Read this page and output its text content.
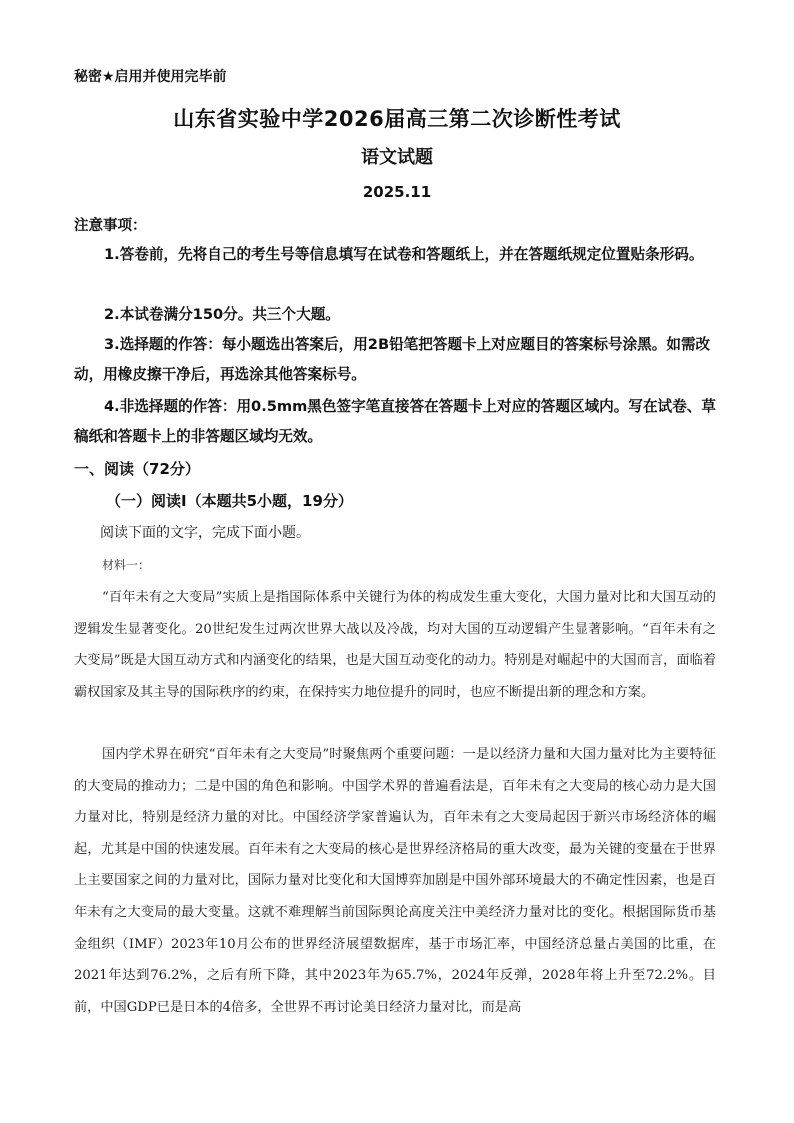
秘密★启用并使用完毕前
山东省实验中学2026届高三第二次诊断性考试
语文试题
2025.11
注意事项：
1.答卷前，先将自己的考生号等信息填写在试卷和答题纸上，并在答题纸规定位置贴条形码。
2.本试卷满分150分。共三个大题。
3.选择题的作答：每小题选出答案后，用2B铅笔把答题卡上对应题目的答案标号涂黑。如需改动，用橡皮擦干净后，再选涂其他答案标号。
4.非选择题的作答：用0.5mm黑色签字笔直接答在答题卡上对应的答题区域内。写在试卷、草稿纸和答题卡上的非答题区域均无效。
一、阅读（72分）
（一）阅读I（本题共5小题，19分）
阅读下面的文字，完成下面小题。
材料一：
“百年未有之大变局”实质上是指国际体系中关键行为体的构成发生重大变化，大国力量对比和大国互动的逻辑发生显著变化。20世纪发生过两次世界大战以及冷战，均对大国的互动逻辑产生显著影响。“百年未有之大变局”既是大国互动方式和内涵变化的结果，也是大国互动变化的动力。特别是对崛起中的大国而言，面临着霸权国家及其主导的国际秩序的约束，在保持实力地位提升的同时，也应不断提出新的理念和方案。
国内学术界在研究“百年未有之大变局”时聚焦两个重要问题：一是以经济力量和大国力量对比为主要特征的大变局的推动力；二是中国的角色和影响。中国学术界的普遍看法是，百年未有之大变局的核心动力是大国力量对比，特别是经济力量的对比。中国经济学家普遍认为，百年未有之大变局起因于新兴市场经济体的崛起，尤其是中国的快速发展。百年未有之大变局的核心是世界经济格局的重大改变，最为关键的变量在于世界上主要国家之间的力量对比，国际力量对比变化和大国博弈加剧是中国外部环境最大的不确定性因素，也是百年未有之大变局的最大变量。这就不难理解当前国际舆论高度关注中美经济力量对比的变化。根据国际货币基金组织（IMF）2023年10月公布的世界经济展望数据库，基于市场汇率，中国经济总量占美国的比重，在2021年达到76.2%，之后有所下降，其中2023年为65.7%，2024年反弹，2028年将上升至72.2%。目前，中国GDP已是日本的4倍多，全世界不再讨论美日经济力量对比，而是高
